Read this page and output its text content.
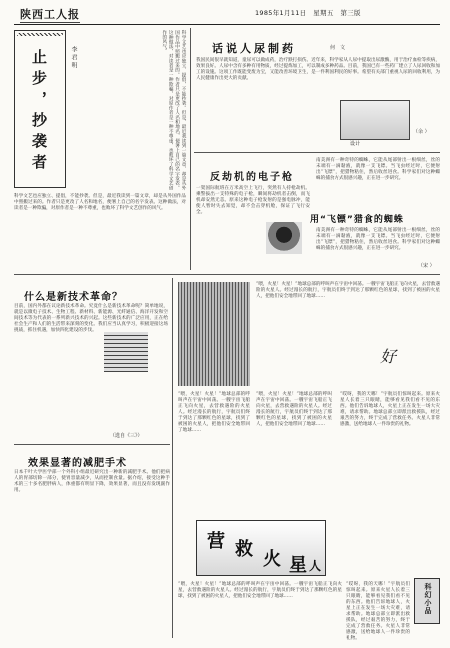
陕西工人报	1985年1月11日　星期五　第三版
止步，抄袭者	李君明	科学文艺也应独立、提倡，不能抄袭。但是，最近我读到一篇文章，却是从外国作品中照搬过来的。作者只是更改了人名和地名，便署上自己的名字发表。这种做法，对读者是一种欺骗，对原作者是一种不尊重，也败坏了科学文艺创作的风气。
科学文艺也应独立、提倡，不能抄袭。但是，最近我读到一篇文章，却是从外国作品中照搬过来的。作者只是更改了人名和地名，便署上自己的名字发表。这种做法，对读者是一种欺骗，对原作者是一种不尊重，也败坏了科学文艺创作的风气。
话说人尿制药	何　文
我国民间很早就知道，童尿可以做成药，治疗跌打损伤。近年来，科学家从人尿中提取出尿激酶，用于治疗血栓等疾病，效果良好。人尿中含有多种有用物质，经过提炼加工，可以制成多种药品。目前，我国已有一些药厂建立了人尿回收和加工的设施。这项工作既能变废为宝，又能改善环境卫生，是一件利国利民的好事。希望有关部门重视人尿的回收利用，为人民健康作出更大的贡献。
（余 ）
设计
反劫机的电子枪
一架国际航班在万米高空上飞行，突然有人持枪劫机。乘警拔出一支特殊的电子枪，瞬间将劫机者击倒，而飞机却安然无恙。原来这种电子枪发射的是强电脉冲，能使人暂时失去知觉，却不会击穿机舱，保证了飞行安全。
南美洲有一种奇特的蜘蛛，它能从尾部射出一根细丝，丝的末端有一滴黏液，就像一支飞镖。当飞虫经过时，它便射出“飞镖”，把猎物粘住，然后收丝进食。科学家们对这种蜘蛛的捕食方式很感兴趣，正在进一步研究。
用“飞镖”猎食的蜘蛛
南美洲有一种奇特的蜘蛛，它能从尾部射出一根细丝，丝的末端有一滴黏液，就像一支飞镖。当飞虫经过时，它便射出“飞镖”，把猎物粘住，然后收丝进食。科学家们对这种蜘蛛的捕食方式很感兴趣，正在进一步研究。
（宋 ）
什么是新技术革命？
目前，国内外都在议论新技术革命。究竟什么是新技术革命呢？简单地说，就是以微电子技术、生物工程、新材料、新能源、光纤通信、海洋开发和空间技术等为代表的一系列新兴技术的兴起。这些新技术的广泛应用，正在给社会生产和人们的生活带来深刻的变化。我们应当认真学习，积极迎接这场挑战，抓住机遇，加快四化建设的步伐。
（选自《三》）
效果显著的减肥手术
日本千叶大学医学部一个外科小组最近研究出一种新的减肥手术。他们把病人的胃部切除一部分，使胃容量减少，从而控制食量。据介绍，接受这种手术的三十多名肥胖病人，体重都有明显下降，效果显著，而且没有发现副作用。
“喂，火星！火星！”地球总部的呼叫声在宇宙中回荡。一艘宇宙飞船正飞向火星，去营救遇险的火星人。经过漫长的航行，宇航员们终于到达了那颗红色的星球，找到了被困的火星人，把他们安全地带回了地球……
好
“喂，火星！火星！”地球总部的呼叫声在宇宙中回荡。一艘宇宙飞船正飞向火星，去营救遇险的火星人。经过漫长的航行，宇航员们终于到达了那颗红色的星球，找到了被困的火星人，把他们安全地带回了地球……
“喂，火星！火星！”地球总部的呼叫声在宇宙中回荡。一艘宇宙飞船正飞向火星，去营救遇险的火星人。经过漫长的航行，宇航员们终于到达了那颗红色的星球，找到了被困的火星人，把他们安全地带回了地球……
营 救 火 星 人
“喂，火星！火星！”地球总部的呼叫声在宇宙中回荡。一艘宇宙飞船正飞向火星，去营救遇险的火星人。经过漫长的航行，宇航员们终于到达了那颗红色的星球，找到了被困的火星人，把他们安全地带回了地球……
“哎呀，我的天哪！”宇航员们惊叫起来。原来火星人长着三只眼睛，能够看见我们看不见的东西。他们告诉地球人，火星上正在发生一场大灾难，请求帮助。地球总部立即派出救援队，经过艰苦的努力，终于完成了营救任务。火星人非常感激，送给地球人一件珍贵的礼物。
科幻小品
“哎呀，我的天哪！”宇航员们惊叫起来。原来火星人长着三只眼睛，能够看见我们看不见的东西。他们告诉地球人，火星上正在发生一场大灾难，请求帮助。地球总部立即派出救援队，经过艰苦的努力，终于完成了营救任务。火星人非常感激，送给地球人一件珍贵的礼物。
